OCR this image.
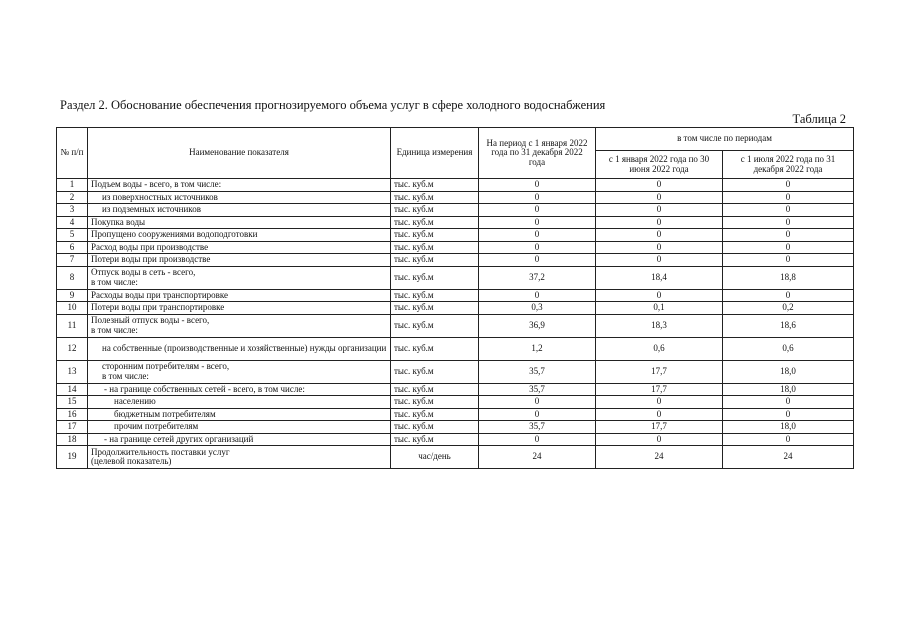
Раздел 2. Обоснование обеспечения прогнозируемого объема услуг в сфере холодного водоснабжения
Таблица 2
№ п/п	Наименование показателя	Единица измерения	На период с 1 января 2022 года по 31 декабря 2022 года	в том числе по периодам	
				с 1 января 2022 года по 30 июня 2022 года	с 1 июля 2022 года по 31 декабря 2022 года
1	Подъем воды - всего, в том числе:	тыс. куб.м	0	0	0
2	из поверхностных источников	тыс. куб.м	0	0	0
3	из подземных источников	тыс. куб.м	0	0	0
4	Покупка воды	тыс. куб.м	0	0	0
5	Пропущено сооружениями водоподготовки	тыс. куб.м	0	0	0
6	Расход воды при производстве	тыс. куб.м	0	0	0
7	Потери воды при производстве	тыс. куб.м	0	0	0
8	Отпуск воды в сеть - всего,
в том числе:	тыс. куб.м	37,2	18,4	18,8
9	Расходы воды при транспортировке	тыс. куб.м	0	0	0
10	Потери воды при транспортировке	тыс. куб.м	0,3	0,1	0,2
11	Полезный отпуск воды - всего,
в том числе:	тыс. куб.м	36,9	18,3	18,6
12	на собственные (производственные и хозяйственные) нужды организации	тыс. куб.м	1,2	0,6	0,6
13	сторонним потребителям - всего,
в том числе:	тыс. куб.м	35,7	17,7	18,0
14	- на границе собственных сетей - всего, в том числе:	тыс. куб.м	35,7	17,7	18,0
15	населению	тыс. куб.м	0	0	0
16	бюджетным потребителям	тыс. куб.м	0	0	0
17	прочим потребителям	тыс. куб.м	35,7	17,7	18,0
18	- на границе сетей других организаций	тыс. куб.м	0	0	0
19	Продолжительность поставки услуг
(целевой показатель)	час/день	24	24	24
